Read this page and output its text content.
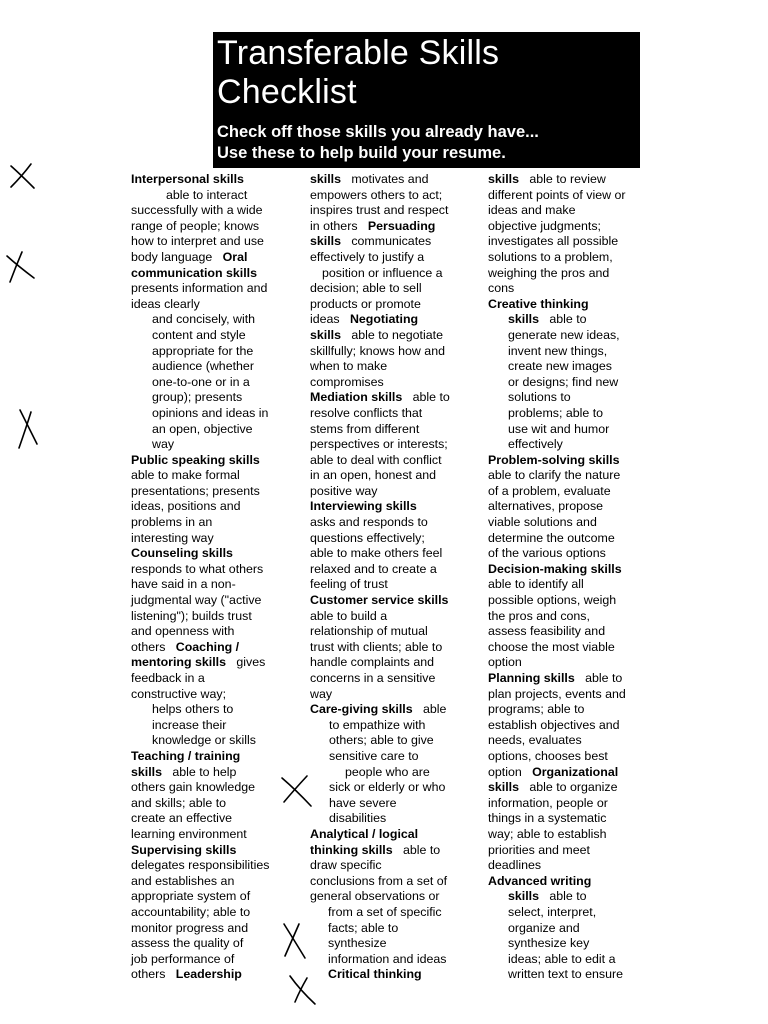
Transferable Skills
Checklist
Check off those skills you already have...
Use these to help build your resume.
Interpersonal skills
able to interact
successfully with a wide
range of people; knows
how to interpret and use
body language Oral
communication skills
presents information and
ideas clearly
and concisely, with
content and style
appropriate for the
audience (whether
one-to-one or in a
group); presents
opinions and ideas in
an open, objective
way
Public speaking skills
able to make formal
presentations; presents
ideas, positions and
problems in an
interesting way
Counseling skills
responds to what others
have said in a non-
judgmental way ("active
listening"); builds trust
and openness with
others Coaching /
mentoring skills gives
feedback in a
constructive way;
helps others to
increase their
knowledge or skills
Teaching / training
skills able to help
others gain knowledge
and skills; able to
create an effective
learning environment
Supervising skills
delegates responsibilities
and establishes an
appropriate system of
accountability; able to
monitor progress and
assess the quality of
job performance of
others Leadership
skills motivates and
empowers others to act;
inspires trust and respect
in others Persuading
skills communicates
effectively to justify a
position or influence a
decision; able to sell
products or promote
ideas Negotiating
skills able to negotiate
skillfully; knows how and
when to make
compromises
Mediation skills able to
resolve conflicts that
stems from different
perspectives or interests;
able to deal with conflict
in an open, honest and
positive way
Interviewing skills
asks and responds to
questions effectively;
able to make others feel
relaxed and to create a
feeling of trust
Customer service skills
able to build a
relationship of mutual
trust with clients; able to
handle complaints and
concerns in a sensitive
way
Care-giving skills able
to empathize with
others; able to give
sensitive care to
people who are
sick or elderly or who
have severe
disabilities
Analytical / logical
thinking skills able to
draw specific
conclusions from a set of
general observations or
from a set of specific
facts; able to
synthesize
information and ideas
Critical thinking
skills able to review
different points of view or
ideas and make
objective judgments;
investigates all possible
solutions to a problem,
weighing the pros and
cons
Creative thinking
skills able to
generate new ideas,
invent new things,
create new images
or designs; find new
solutions to
problems; able to
use wit and humor
effectively
Problem-solving skills
able to clarify the nature
of a problem, evaluate
alternatives, propose
viable solutions and
determine the outcome
of the various options
Decision-making skills
able to identify all
possible options, weigh
the pros and cons,
assess feasibility and
choose the most viable
option
Planning skills able to
plan projects, events and
programs; able to
establish objectives and
needs, evaluates
options, chooses best
option Organizational
skills able to organize
information, people or
things in a systematic
way; able to establish
priorities and meet
deadlines
Advanced writing
skills able to
select, interpret,
organize and
synthesize key
ideas; able to edit a
written text to ensure
